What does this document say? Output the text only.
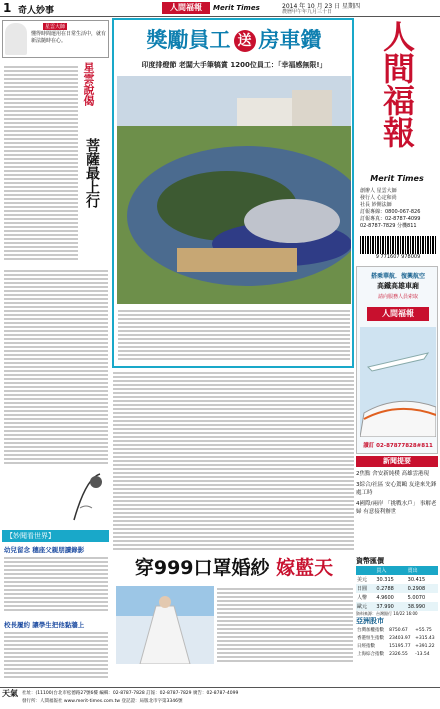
1 奇人妙事	人間福報	Merit Times	2014 年 10 月 23 日 星期四
農曆甲午年九月三十日
星雲大師
懂得時間運用在日常生活中，就有新法隨時在心。
星雲說偈
菩薩最上行
【妙聞看世界】
幼兒留念 穗座父親朋讀錄影
校長履約 讓學生把他黏牆上
獎勵員工 送 房車鑽
印度排燈節 老闆大手筆犒賞 1200位員工：「幸福感無限!」
穿999口罩婚紗 嫁藍天
人間福報
Merit Times
創辦人 星雲大師
發行人 心定和尚
社長 妙開法師
訂報專線：0800-067-826
訂報專真：02-8787-4099
02-8787-7829 分機811
9 771607 978009
搭乘華航．復興航空
高鐵高雄車廂
請向服務人員索取
人間福報
讀訂 02-87877828#811
新聞提要
2焦點 舍安新純樸 高雄雲港現
3綜合/社區 安心駕鷗 友達來先鋒處工時
4國際/兩岸 「挑戰水戶」 事解老婦 有意接利辦世
資幣匯價
	買入	賣出
美元	30.315	30.415
日圓	0.2788	0.2908
人幣	4.9600	5.0070
歐元	37.990	38.990
資料來源：台灣銀行 10/22 16:00
亞洲股市
台灣加權指數	8750.67	+55.75
香港恒生指數	23403.97	+315.43
日經指數	15195.77	+391.22
上海綜合指數	2326.55	-13.54
天氣 社址：(11100)台北市松德路27號6樓 編輯：02-8787-7828 訂報：02-8787-7829 廣告：02-8787-4099
發行所：人間福報社 www.merit-times.com.tw 登記證：局版北市字第3346號
